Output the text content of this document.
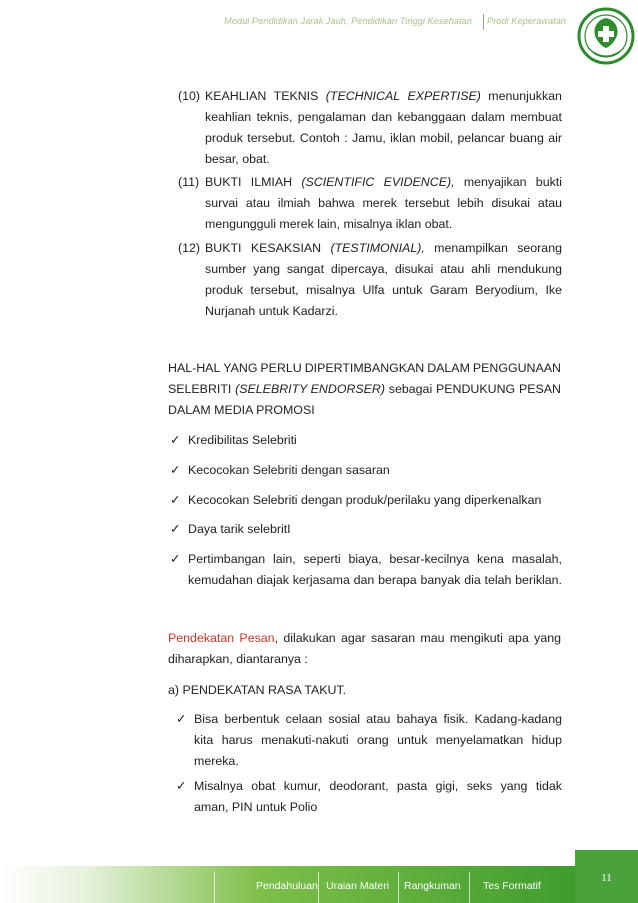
Modul Pendidikan Jarak Jauh, Pendidikan Tinggi Kesehatan Prodi Keperawatan
(10) KEAHLIAN TEKNIS (TECHNICAL EXPERTISE) menunjukkan
keahlian teknis, pengalaman dan kebanggaan dalam membuat
produk tersebut. Contoh : Jamu, iklan mobil, pelancar buang air
besar, obat.
(11) BUKTI ILMIAH (SCIENTIFIC EVIDENCE), menyajikan bukti
survai atau ilmiah bahwa merek tersebut lebih disukai atau
mengungguli merek lain, misalnya iklan obat.
(12) BUKTI KESAKSIAN (TESTIMONIAL), menampilkan seorang
sumber yang sangat dipercaya, disukai atau ahli mendukung
produk tersebut, misalnya Ulfa untuk Garam Beryodium, Ike
Nurjanah untuk Kadarzi.
HAL-HAL YANG PERLU DIPERTIMBANGKAN DALAM PENGGUNAAN
SELEBRITI (SELEBRITY ENDORSER) sebagai PENDUKUNG PESAN
DALAM MEDIA PROMOSI
✓ Kredibilitas Selebriti
✓ Kecocokan Selebriti dengan sasaran
✓ Kecocokan Selebriti dengan produk/perilaku yang diperkenalkan
✓ Daya tarik selebritI
✓ Pertimbangan lain, seperti biaya, besar-kecilnya kena masalah,
kemudahan diajak kerjasama dan berapa banyak dia telah beriklan.
Pendekatan Pesan, dilakukan agar sasaran mau mengikuti apa yang
diharapkan, diantaranya :
a) PENDEKATAN RASA TAKUT.
✓ Bisa berbentuk celaan sosial atau bahaya fisik. Kadang-kadang
kita harus menakuti-nakuti orang untuk menyelamatkan hidup
mereka.
✓ Misalnya obat kumur, deodorant, pasta gigi, seks yang tidak
aman, PIN untuk Polio
11
Pendahuluan Uraian Materi Rangkuman Tes Formatif
